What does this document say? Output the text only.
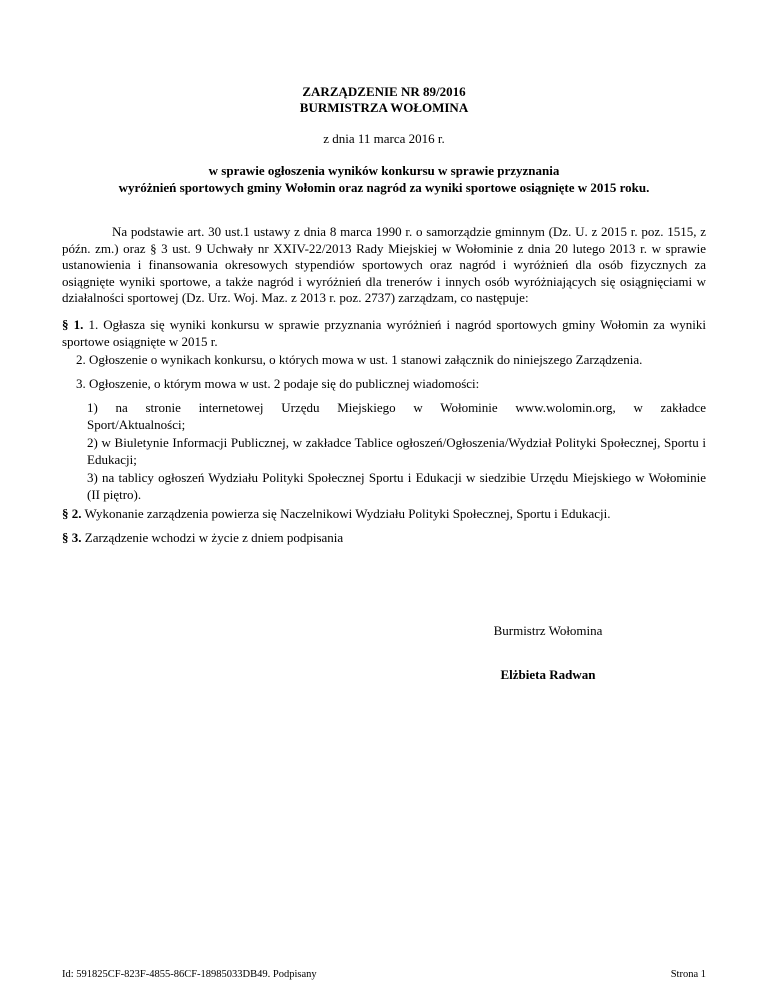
ZARZĄDZENIE NR 89/2016
BURMISTRZA WOŁOMINA
z dnia 11 marca 2016 r.
w sprawie ogłoszenia wyników konkursu w sprawie przyznania
wyróżnień sportowych gminy Wołomin oraz nagród za wyniki sportowe osiągnięte w 2015 roku.
Na podstawie art. 30 ust.1 ustawy z dnia 8 marca 1990 r. o samorządzie gminnym (Dz. U. z 2015 r. poz. 1515, z późn. zm.) oraz § 3 ust. 9 Uchwały nr XXIV-22/2013 Rady Miejskiej w Wołominie z dnia 20 lutego 2013 r. w sprawie ustanowienia i finansowania okresowych stypendiów sportowych oraz nagród i wyróżnień dla osób fizycznych za osiągnięte wyniki sportowe, a także nagród i wyróżnień dla trenerów i innych osób wyróżniających się osiągnięciami w działalności sportowej (Dz. Urz. Woj. Maz. z 2013 r. poz. 2737) zarządzam, co następuje:
§ 1. 1. Ogłasza się wyniki konkursu w sprawie przyznania wyróżnień i nagród sportowych gminy Wołomin za wyniki sportowe osiągnięte w 2015 r.
2. Ogłoszenie o wynikach konkursu, o których mowa w ust. 1 stanowi załącznik do niniejszego Zarządzenia.
3. Ogłoszenie, o którym mowa w ust. 2 podaje się do publicznej wiadomości:
1) na stronie internetowej Urzędu Miejskiego w Wołominie www.wolomin.org, w zakładce
Sport/Aktualności;
2) w Biuletynie Informacji Publicznej, w zakładce Tablice ogłoszeń/Ogłoszenia/Wydział Polityki Społecznej, Sportu i Edukacji;
3) na tablicy ogłoszeń Wydziału Polityki Społecznej Sportu i Edukacji w siedzibie Urzędu Miejskiego w Wołominie (II piętro).
§ 2. Wykonanie zarządzenia powierza się Naczelnikowi Wydziału Polityki Społecznej, Sportu i Edukacji.
§ 3. Zarządzenie wchodzi w życie z dniem podpisania
Burmistrz Wołomina
Elżbieta Radwan
Id: 591825CF-823F-4855-86CF-18985033DB49. Podpisany	Strona 1
